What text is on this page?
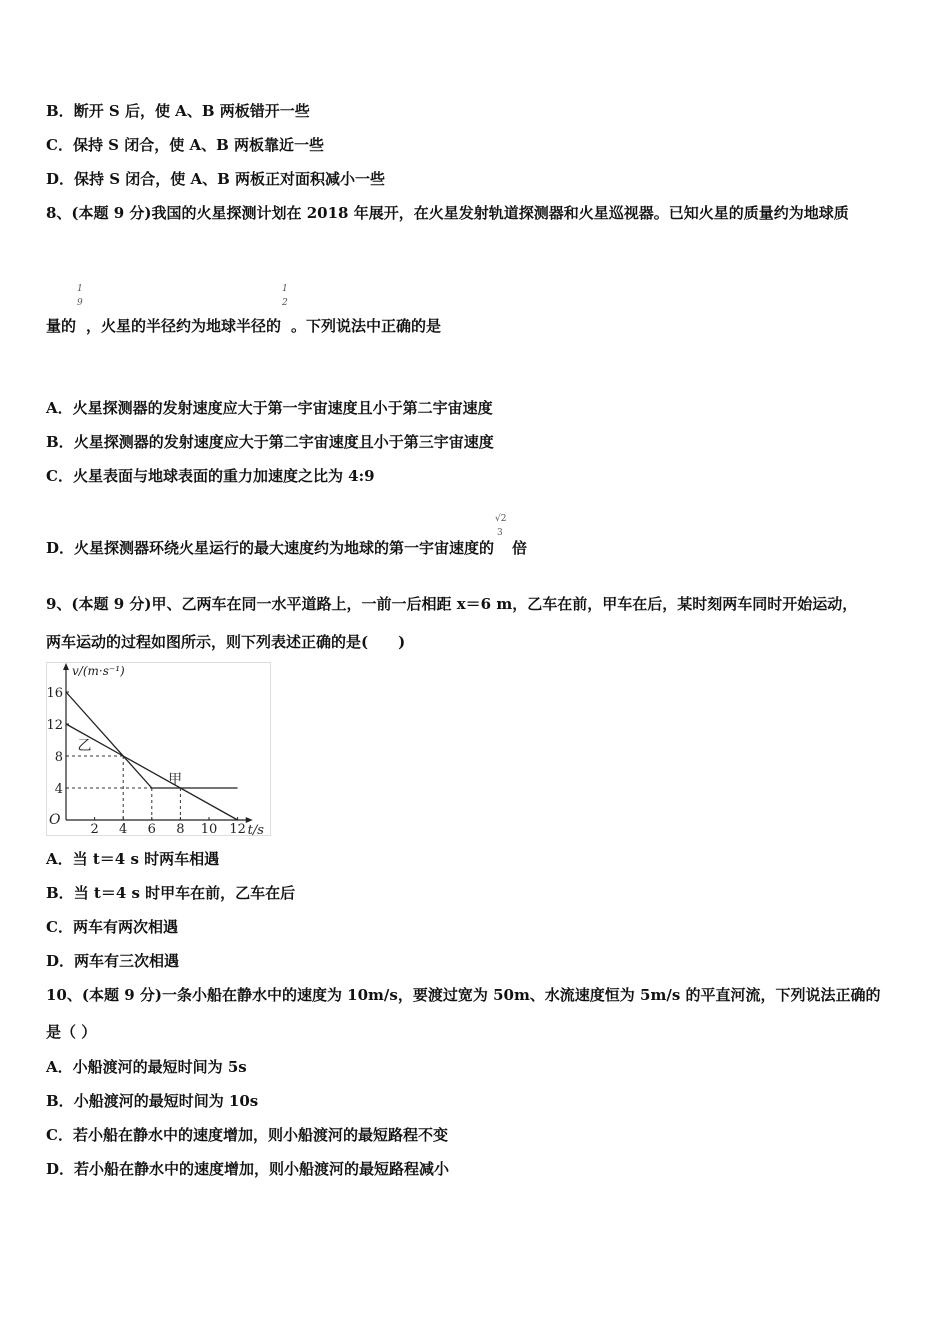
B．断开 S 后，使 A、B 两板错开一些
C．保持 S 闭合，使 A、B 两板靠近一些
D．保持 S 闭合，使 A、B 两板正对面积减小一些
8、(本题 9 分)我国的火星探测计划在 2018 年展开，在火星发射轨道探测器和火星巡视器。已知火星的质量约为地球质
量的
1
9
，火星的半径约为地球半径的
1
2
。下列说法中正确的是
A．火星探测器的发射速度应大于第一宇宙速度且小于第二宇宙速度
B．火星探测器的发射速度应大于第二宇宙速度且小于第三宇宙速度
C．火星表面与地球表面的重力加速度之比为 4:9
D．火星探测器环绕火星运行的最大速度约为地球的第一宇宙速度的
√2
3
倍
9、(本题 9 分)甲、乙两车在同一水平道路上，一前一后相距 x＝6 m，乙车在前，甲车在后，某时刻两车同时开始运动，
两车运动的过程如图所示，则下列表述正确的是(　　)
2 4 6 8 10 12
4
8
12
16
甲
乙
v/(m·s⁻¹)
t/s
O
A．当 t＝4 s 时两车相遇
B．当 t＝4 s 时甲车在前，乙车在后
C．两车有两次相遇
D．两车有三次相遇
10、(本题 9 分)一条小船在静水中的速度为 10m/s，要渡过宽为 50m、水流速度恒为 5m/s 的平直河流，下列说法正确的
是（ ）
A．小船渡河的最短时间为 5s
B．小船渡河的最短时间为 10s
C．若小船在静水中的速度增加，则小船渡河的最短路程不变
D．若小船在静水中的速度增加，则小船渡河的最短路程减小
